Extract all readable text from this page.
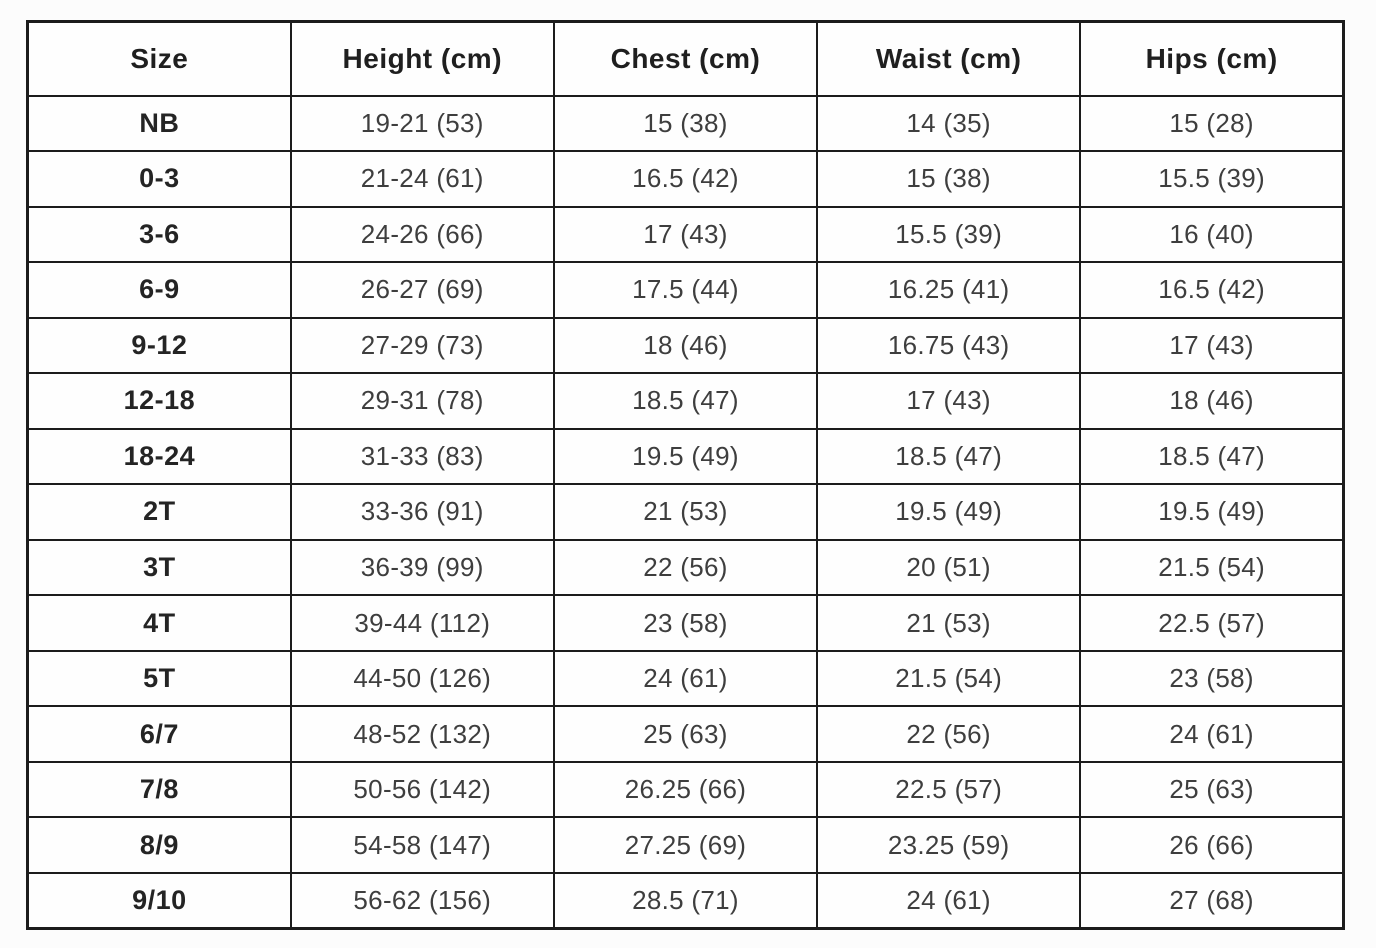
Size	Height (cm)	Chest (cm)	Waist (cm)	Hips (cm)
NB	19-21 (53)	15 (38)	14 (35)	15 (28)
0-3	21-24 (61)	16.5 (42)	15 (38)	15.5 (39)
3-6	24-26 (66)	17 (43)	15.5 (39)	16 (40)
6-9	26-27 (69)	17.5 (44)	16.25 (41)	16.5 (42)
9-12	27-29 (73)	18 (46)	16.75 (43)	17 (43)
12-18	29-31 (78)	18.5 (47)	17 (43)	18 (46)
18-24	31-33 (83)	19.5 (49)	18.5 (47)	18.5 (47)
2T	33-36 (91)	21 (53)	19.5 (49)	19.5 (49)
3T	36-39 (99)	22 (56)	20 (51)	21.5 (54)
4T	39-44 (112)	23 (58)	21 (53)	22.5 (57)
5T	44-50 (126)	24 (61)	21.5 (54)	23 (58)
6/7	48-52 (132)	25 (63)	22 (56)	24 (61)
7/8	50-56 (142)	26.25 (66)	22.5 (57)	25 (63)
8/9	54-58 (147)	27.25 (69)	23.25 (59)	26 (66)
9/10	56-62 (156)	28.5 (71)	24 (61)	27 (68)
